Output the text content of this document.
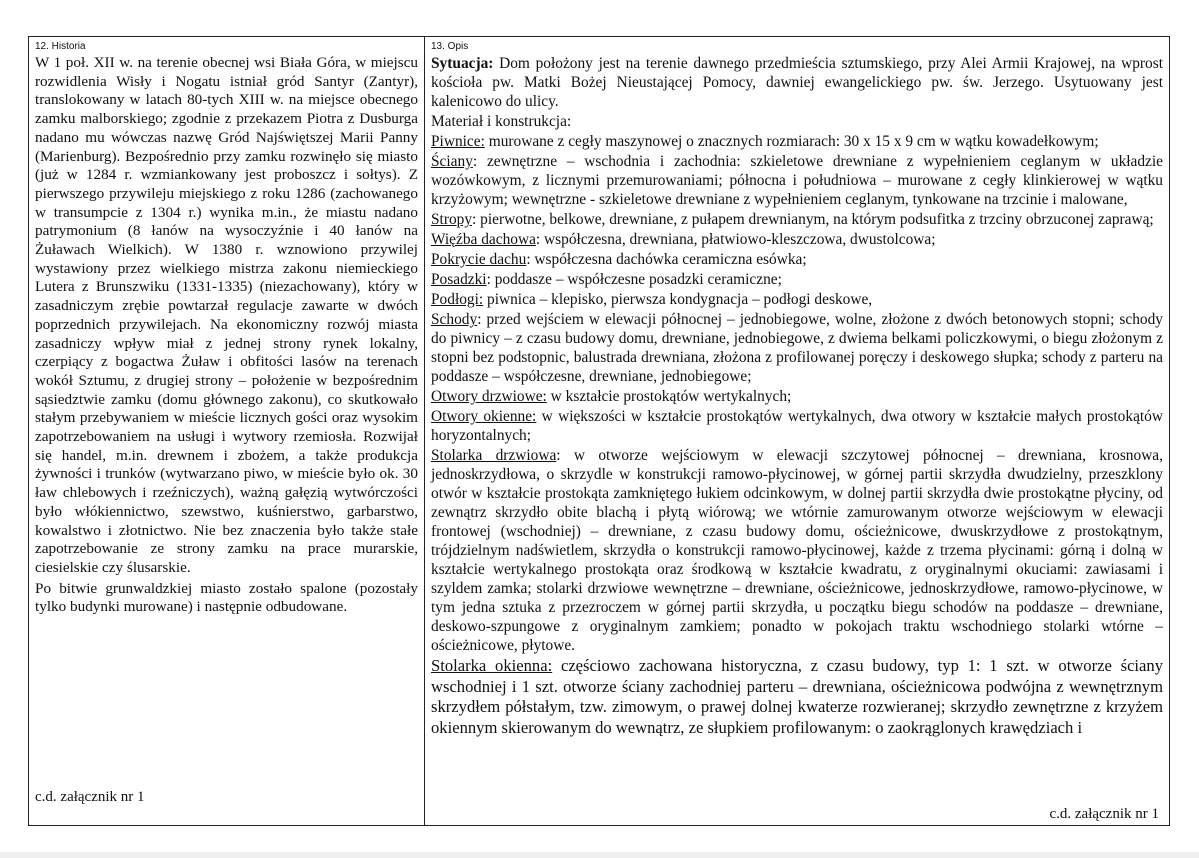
12. Historia

W 1 poł. XII w. na terenie obecnej wsi Biała Góra, w miejscu rozwidlenia Wisły i Nogatu istniał gród Santyr (Zantyr), translokowany w latach 80-tych XIII w. na miejsce obecnego zamku malborskiego; zgodnie z przekazem Piotra z Dusburga nadano mu wówczas nazwę Gród Najświętszej Marii Panny (Marienburg). Bezpośrednio przy zamku rozwinęło się miasto (już w 1284 r. wzmiankowany jest proboszcz i sołtys). Z pierwszego przywileju miejskiego z roku 1286 (zachowanego w transumpcie z 1304 r.) wynika m.in., że miastu nadano patrymonium (8 łanów na wysoczyźnie i 40 łanów na Żuławach Wielkich). W 1380 r. wznowiono przywilej wystawiony przez wielkiego mistrza zakonu niemieckiego Lutera z Brunszwiku (1331-1335) (niezachowany), który w zasadniczym zrębie powtarzał regulacje zawarte w dwóch poprzednich przywilejach. Na ekonomiczny rozwój miasta zasadniczy wpływ miał z jednej strony rynek lokalny, czerpiący z bogactwa Żuław i obfitości lasów na terenach wokół Sztumu, z drugiej strony – położenie w bezpośrednim sąsiedztwie zamku (domu głównego zakonu), co skutkowało stałym przebywaniem w mieście licznych gości oraz wysokim zapotrzebowaniem na usługi i wytwory rzemiosła. Rozwijał się handel, m.in. drewnem i zbożem, a także produkcja żywności i trunków (wytwarzano piwo, w mieście było ok. 30 ław chlebowych i rzeźniczych), ważną gałęzią wytwórczości było włókiennictwo, szewstwo, kuśnierstwo, garbarstwo, kowalstwo i złotnictwo. Nie bez znaczenia było także stałe zapotrzebowanie ze strony zamku na prace murarskie, ciesielskie czy ślusarskie.

Po bitwie grunwaldzkiej miasto zostało spalone (pozostały tylko budynki murowane) i następnie odbudowane.

c.d. załącznik nr 1
13. Opis

Sytuacja: Dom położony jest na terenie dawnego przedmieścia sztumskiego, przy Alei Armii Krajowej, na wprost kościoła pw. Matki Bożej Nieustającej Pomocy, dawniej ewangelickiego pw. św. Jerzego. Usytuowany jest kalenicowo do ulicy.

Materiał i konstrukcja:

Piwnice: murowane z cegły maszynowej o znacznych rozmiarach: 30 x 15 x 9 cm w wątku kowadełkowym;

Ściany: zewnętrzne – wschodnia i zachodnia: szkieletowe drewniane z wypełnieniem ceglanym w układzie wozówkowym, z licznymi przemurowaniami; północna i południowa – murowane z cegły klinkierowej w wątku krzyżowym; wewnętrzne - szkieletowe drewniane z wypełnieniem ceglanym, tynkowane na trzcinie i malowane,

Stropy: pierwotne, belkowe, drewniane, z pułapem drewnianym, na którym podsufitka z trzciny obrzuconej zaprawą;

Więźba dachowa: współczesna, drewniana, płatwiowo-kleszczowa, dwustolcowa;

Pokrycie dachu: współczesna dachówka ceramiczna esówka;

Posadzki: poddasze – współczesne posadzki ceramiczne;

Podłogi: piwnica – klepisko, pierwsza kondygnacja – podłogi deskowe,

Schody: przed wejściem w elewacji północnej – jednobiegowe, wolne, złożone z dwóch betonowych stopni; schody do piwnicy – z czasu budowy domu, drewniane, jednobiegowe, z dwiema belkami policzkowymi, o biegu złożonym z stopni bez podstopnic, balustrada drewniana, złożona z profilowanej poręczy i deskowego słupka; schody z parteru na poddasze – współczesne, drewniane, jednobiegowe;

Otwory drzwiowe: w kształcie prostokątów wertykalnych;

Otwory okienne: w większości w kształcie prostokątów wertykalnych, dwa otwory w kształcie małych prostokątów horyzontalnych;

Stolarka drzwiowa: w otworze wejściowym w elewacji szczytowej północnej – drewniana, krosnowa, jednoskrzydłowa, o skrzydle w konstrukcji ramowo-płycinowej, w górnej partii skrzydła dwudzielny, przeszklony otwór w kształcie prostokąta zamkniętego łukiem odcinkowym, w dolnej partii skrzydła dwie prostokątne płyciny, od zewnątrz skrzydło obite blachą i płytą wiórową; we wtórnie zamurowanym otworze wejściowym w elewacji frontowej (wschodniej) – drewniane, z czasu budowy domu, ościeżnicowe, dwuskrzydłowe z prostokątnym, trójdzielnym nadświetlem, skrzydła o konstrukcji ramowo-płycinowej, każde z trzema płycinami: górną i dolną w kształcie wertykalnego prostokąta oraz środkową w kształcie kwadratu, z oryginalnymi okuciami: zawiasami i szyldem zamka; stolarki drzwiowe wewnętrzne – drewniane, ościeżnicowe, jednoskrzydłowe, ramowo-płycinowe, w tym jedna sztuka z przezroczem w górnej partii skrzydła, u początku biegu schodów na poddasze – drewniane, deskowo-szpungowe z oryginalnym zamkiem; ponadto w pokojach traktu wschodniego stolarki wtórne – ościeżnicowe, płytowe.

Stolarka okienna: częściowo zachowana historyczna, z czasu budowy, typ 1: 1 szt. w otworze ściany wschodniej i 1 szt. otworze ściany zachodniej parteru – drewniana, ościeżnicowa podwójna z wewnętrznym skrzydłem półstałym, tzw. zimowym, o prawej dolnej kwaterze rozwieranej; skrzydło zewnętrzne z krzyżem okiennym skierowanym do wewnątrz, ze słupkiem profilowanym: o zaokrąglonych krawędziach i

c.d. załącznik nr 1
